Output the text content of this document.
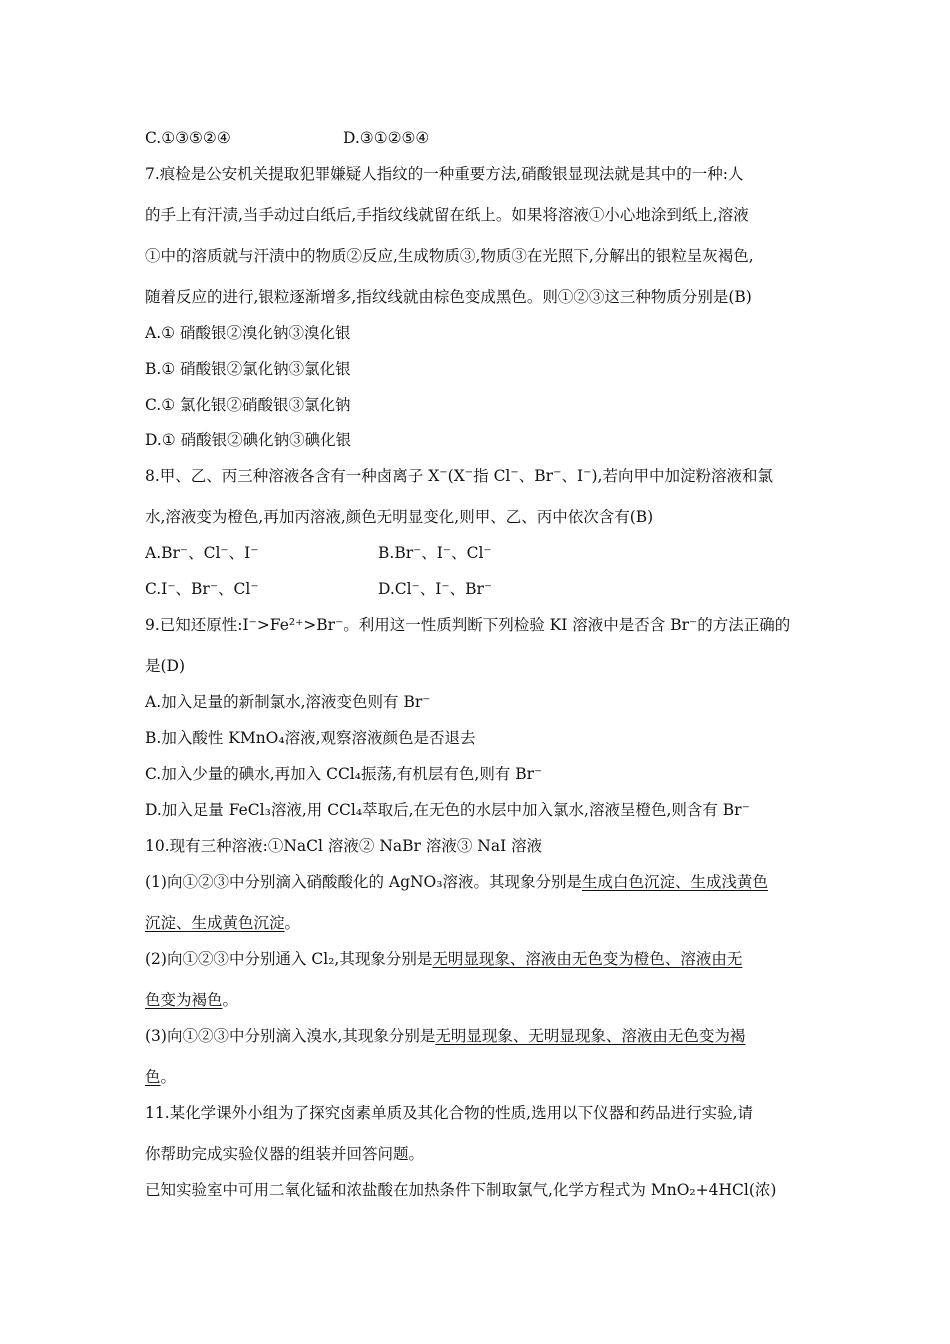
C.①③⑤②④	D.③①②⑤④
7.痕检是公安机关提取犯罪嫌疑人指纹的一种重要方法,硝酸银显现法就是其中的一种:人
的手上有汗渍,当手动过白纸后,手指纹线就留在纸上。如果将溶液①小心地涂到纸上,溶液
①中的溶质就与汗渍中的物质②反应,生成物质③,物质③在光照下,分解出的银粒呈灰褐色,
随着反应的进行,银粒逐渐增多,指纹线就由棕色变成黑色。则①②③这三种物质分别是(B)
A.① 硝酸银②溴化钠③溴化银
B.① 硝酸银②氯化钠③氯化银
C.① 氯化银②硝酸银③氯化钠
D.① 硝酸银②碘化钠③碘化银
8.甲、乙、丙三种溶液各含有一种卤离子 X−(X−指 Cl−、Br−、I−),若向甲中加淀粉溶液和氯
水,溶液变为橙色,再加丙溶液,颜色无明显变化,则甲、乙、丙中依次含有(B)
A.Br⁻、Cl⁻、I⁻	B.Br⁻、I⁻、Cl⁻
C.I⁻、Br⁻、Cl⁻	D.Cl⁻、I⁻、Br⁻
9.已知还原性:I⁻>Fe²⁺>Br⁻。利用这一性质判断下列检验 KI 溶液中是否含 Br⁻的方法正确的
是(D)
A.加入足量的新制氯水,溶液变色则有 Br⁻
B.加入酸性 KMnO₄溶液,观察溶液颜色是否退去
C.加入少量的碘水,再加入 CCl₄振荡,有机层有色,则有 Br⁻
D.加入足量 FeCl₃溶液,用 CCl₄萃取后,在无色的水层中加入氯水,溶液呈橙色,则含有 Br⁻
10.现有三种溶液:①NaCl 溶液② NaBr 溶液③ NaI 溶液
(1)向①②③中分别滴入硝酸酸化的 AgNO₃溶液。其现象分别是生成白色沉淀、生成浅黄色
沉淀、生成黄色沉淀。
(2)向①②③中分别通入 Cl₂,其现象分别是无明显现象、溶液由无色变为橙色、溶液由无
色变为褐色。
(3)向①②③中分别滴入溴水,其现象分别是无明显现象、无明显现象、溶液由无色变为褐
色。
11.某化学课外小组为了探究卤素单质及其化合物的性质,选用以下仪器和药品进行实验,请
你帮助完成实验仪器的组装并回答问题。
已知实验室中可用二氧化锰和浓盐酸在加热条件下制取氯气,化学方程式为 MnO₂+4HCl(浓)
